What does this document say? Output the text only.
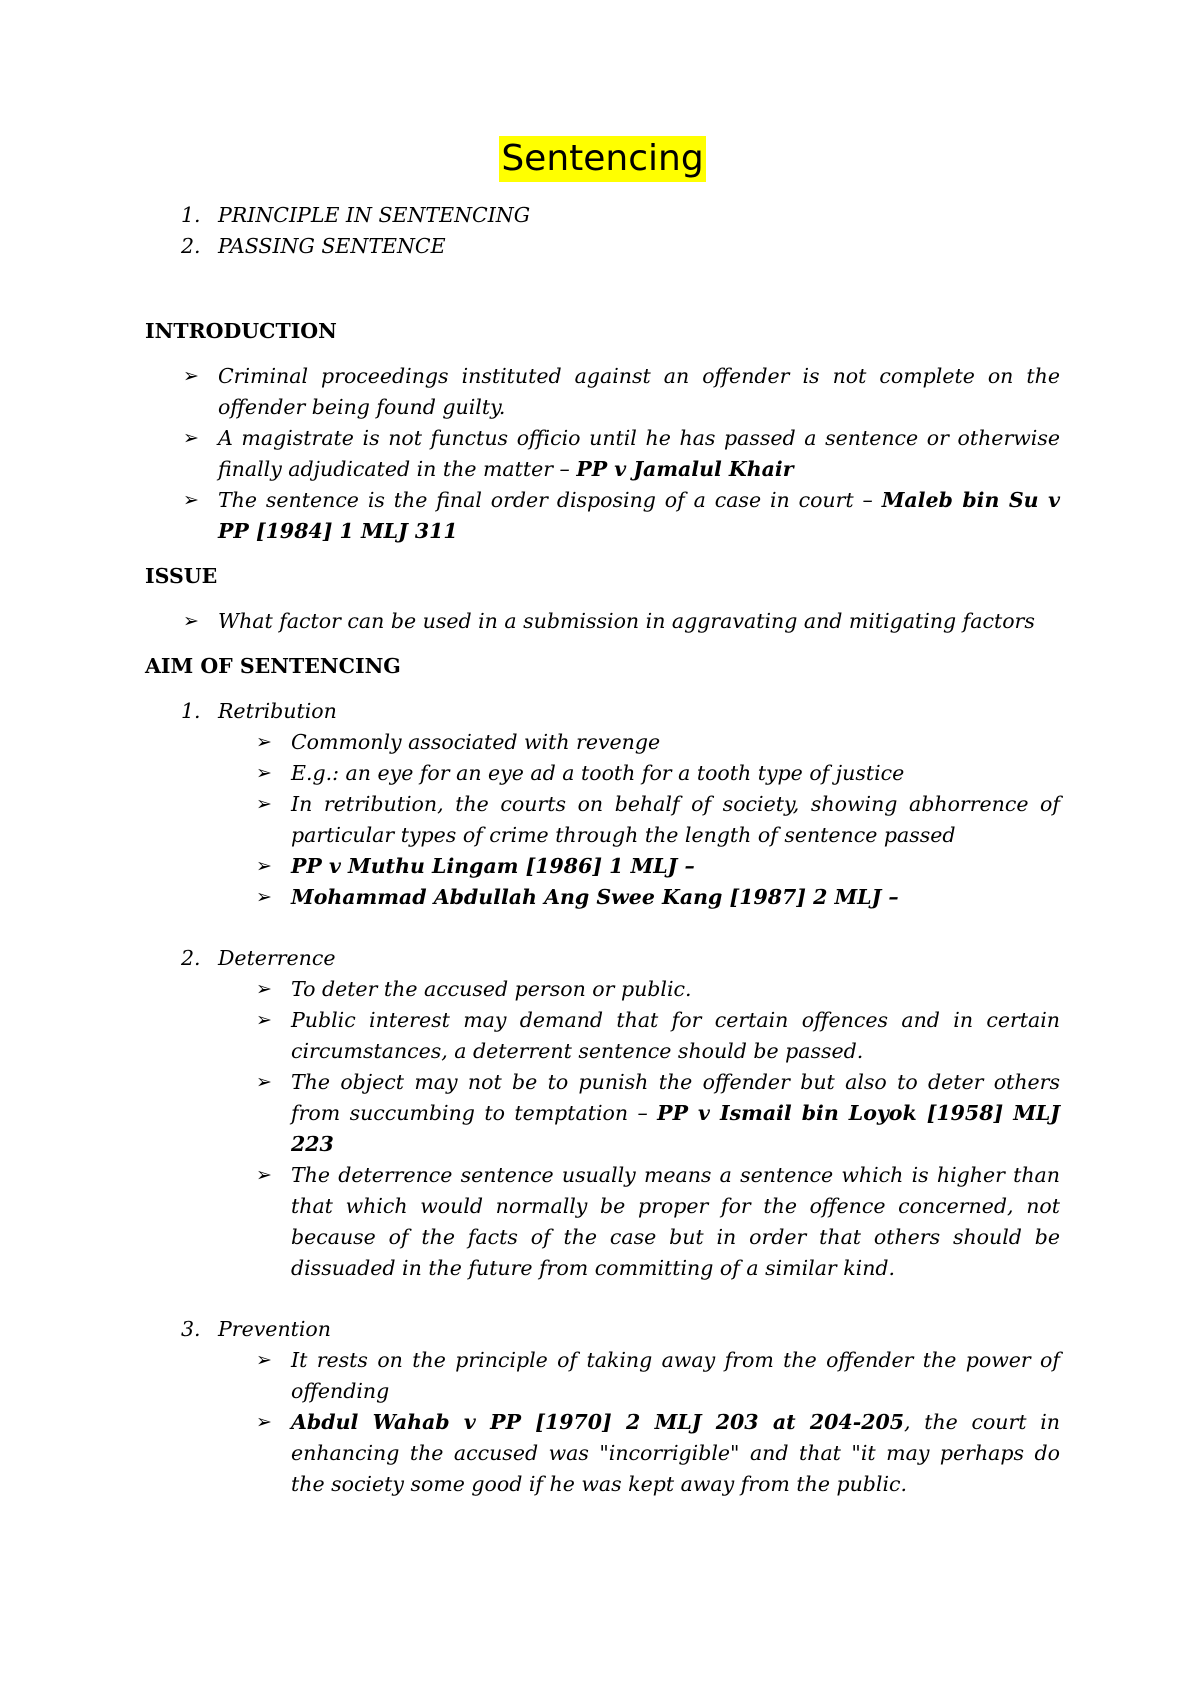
Sentencing
1. PRINCIPLE IN SENTENCING
2. PASSING SENTENCE

INTRODUCTION

➢ Criminal proceedings instituted against an offender is not complete on the offender being found guilty.
➢ A magistrate is not functus officio until he has passed a sentence or otherwise finally adjudicated in the matter – PP v Jamalul Khair
➢ The sentence is the final order disposing of a case in court – Maleb bin Su v PP [1984] 1 MLJ 311

ISSUE

➢ What factor can be used in a submission in aggravating and mitigating factors

AIM OF SENTENCING

1. Retribution
➢ Commonly associated with revenge
➢ E.g.: an eye for an eye ad a tooth for a tooth type of justice
➢ In retribution, the courts on behalf of society, showing abhorrence of particular types of crime through the length of sentence passed
➢ PP v Muthu Lingam [1986] 1 MLJ –
➢ Mohammad Abdullah Ang Swee Kang [1987] 2 MLJ –
2. Deterrence
➢ To deter the accused person or public.
➢ Public interest may demand that for certain offences and in certain circumstances, a deterrent sentence should be passed.
➢ The object may not be to punish the offender but also to deter others from succumbing to temptation – PP v Ismail bin Loyok [1958] MLJ 223
➢ The deterrence sentence usually means a sentence which is higher than that which would normally be proper for the offence concerned, not because of the facts of the case but in order that others should be dissuaded in the future from committing of a similar kind.
3. Prevention
➢ It rests on the principle of taking away from the offender the power of offending
➢ Abdul Wahab v PP [1970] 2 MLJ 203 at 204-205, the court in enhancing the accused was "incorrigible" and that "it may perhaps do the society some good if he was kept away from the public.
